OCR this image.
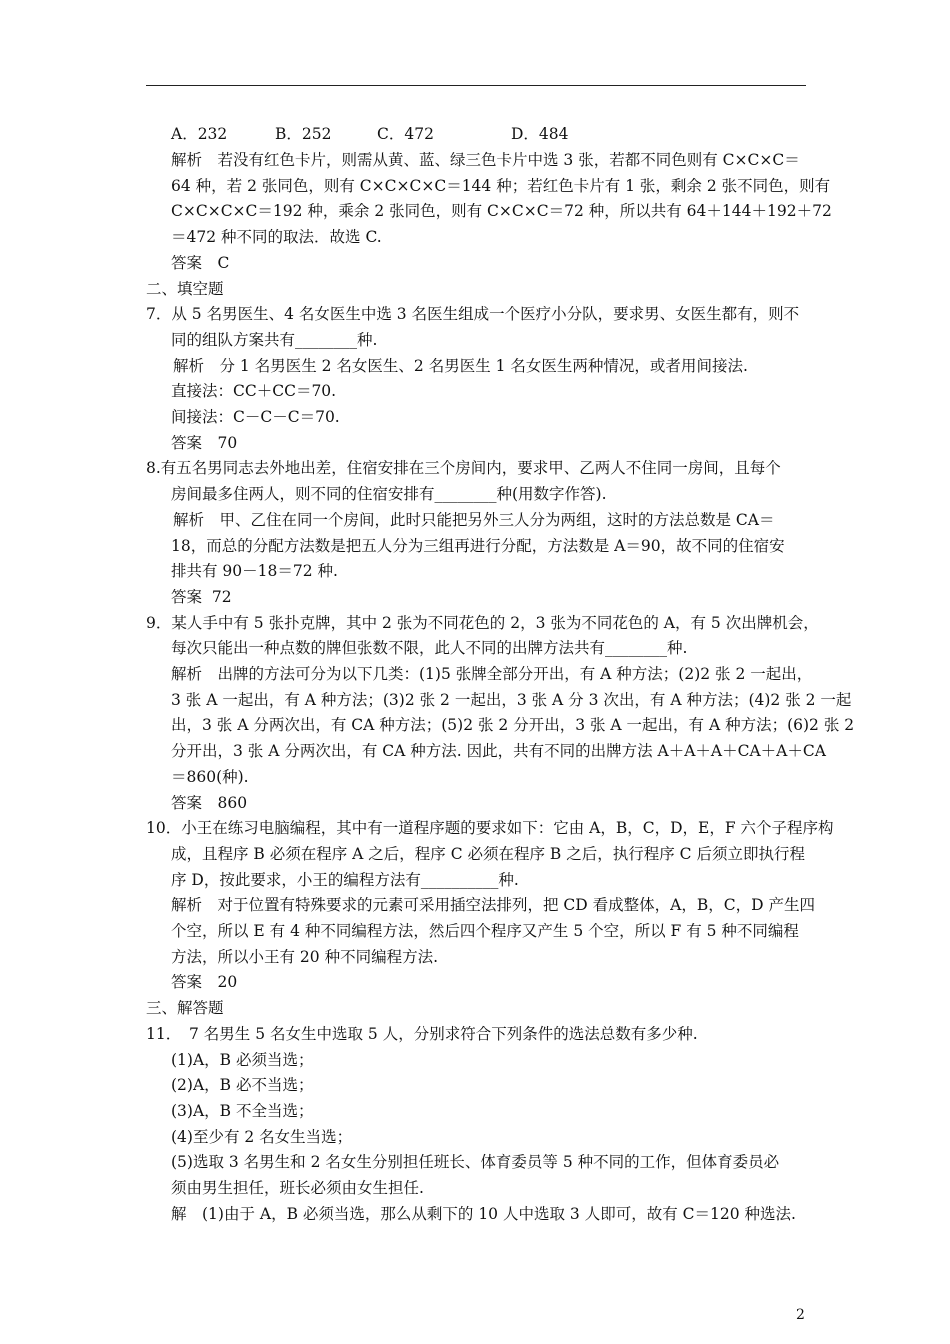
A．232	B．252	C．472	D．484
解析　若没有红色卡片，则需从黄、蓝、绿三色卡片中选 3 张，若都不同色则有 C×C×C＝
64 种，若 2 张同色，则有 C×C×C×C＝144 种；若红色卡片有 1 张，剩余 2 张不同色，则有
C×C×C×C＝192 种，乘余 2 张同色，则有 C×C×C＝72 种，所以共有 64＋144＋192＋72
＝472 种不同的取法．故选 C.
答案　C
二、填空题
7．从 5 名男医生、4 名女医生中选 3 名医生组成一个医疗小分队，要求男、女医生都有，则不
同的组队方案共有________种.
解析　分 1 名男医生 2 名女医生、2 名男医生 1 名女医生两种情况，或者用间接法.
直接法：CC＋CC＝70.
间接法：C－C－C＝70.
答案　70
8.有五名男同志去外地出差，住宿安排在三个房间内，要求甲、乙两人不住同一房间，且每个
房间最多住两人，则不同的住宿安排有________种(用数字作答).
解析　甲、乙住在同一个房间，此时只能把另外三人分为两组，这时的方法总数是 CA＝
18，而总的分配方法数是把五人分为三组再进行分配，方法数是 A＝90，故不同的住宿安
排共有 90－18＝72 种.
答案  72
9．某人手中有 5 张扑克牌，其中 2 张为不同花色的 2，3 张为不同花色的 A，有 5 次出牌机会，
每次只能出一种点数的牌但张数不限，此人不同的出牌方法共有________种.
解析　出牌的方法可分为以下几类：(1)5 张牌全部分开出，有 A 种方法；(2)2 张 2 一起出，
3 张 A 一起出，有 A 种方法；(3)2 张 2 一起出，3 张 A 分 3 次出，有 A 种方法；(4)2 张 2 一起
出，3 张 A 分两次出，有 CA 种方法；(5)2 张 2 分开出，3 张 A 一起出，有 A 种方法；(6)2 张 2
分开出，3 张 A 分两次出，有 CA 种方法. 因此，共有不同的出牌方法 A＋A＋A＋CA＋A＋CA
＝860(种).
答案　860
10．小王在练习电脑编程，其中有一道程序题的要求如下：它由 A，B，C，D，E，F 六个子程序构
成，且程序 B 必须在程序 A 之后，程序 C 必须在程序 B 之后，执行程序 C 后须立即执行程
序 D，按此要求，小王的编程方法有__________种.
解析　对于位置有特殊要求的元素可采用插空法排列，把 CD 看成整体，A，B，C，D 产生四
个空，所以 E 有 4 种不同编程方法，然后四个程序又产生 5 个空，所以 F 有 5 种不同编程
方法，所以小王有 20 种不同编程方法.
答案　20
三、解答题
11．　7 名男生 5 名女生中选取 5 人，分别求符合下列条件的选法总数有多少种.
(1)A，B 必须当选；
(2)A，B 必不当选；
(3)A，B 不全当选；
(4)至少有 2 名女生当选；
(5)选取 3 名男生和 2 名女生分别担任班长、体育委员等 5 种不同的工作，但体育委员必
须由男生担任，班长必须由女生担任.
解　(1)由于 A，B 必须当选，那么从剩下的 10 人中选取 3 人即可，故有 C＝120 种选法.
2
